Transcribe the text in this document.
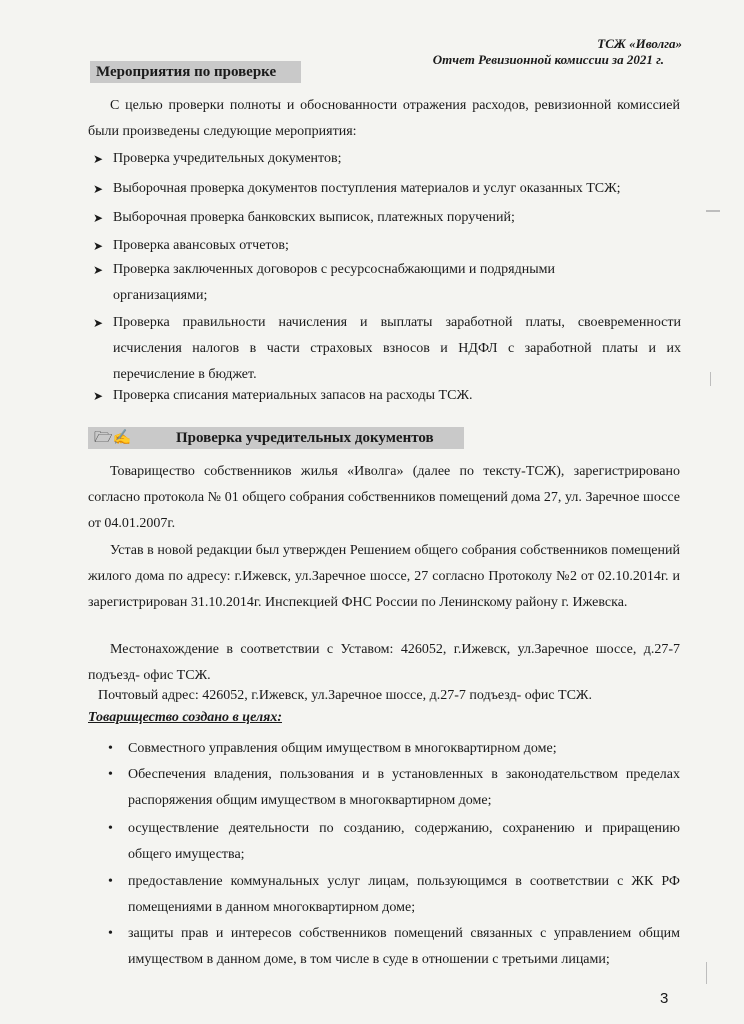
ТСЖ «Иволга»
Отчет Ревизионной комиссии за 2021 г.
Мероприятия по проверке
С целью проверки полноты и обоснованности отражения расходов, ревизионной комиссией были произведены следующие мероприятия:
➤ Проверка учредительных документов;
➤ Выборочная проверка документов поступления материалов и услуг оказанных ТСЖ;
➤ Выборочная проверка банковских выписок, платежных поручений;
➤ Проверка авансовых отчетов;
➤ Проверка заключенных договоров с ресурсоснабжающими и подрядными организациями;
➤ Проверка правильности начисления и выплаты заработной платы, своевременности исчисления налогов в части страховых взносов и НДФЛ с заработной платы и их перечисление в бюджет.
➤ Проверка списания материальных запасов на расходы ТСЖ.
🗁✍	Проверка учредительных документов
Товарищество собственников жилья «Иволга» (далее по тексту-ТСЖ), зарегистрировано согласно протокола № 01 общего собрания собственников помещений дома 27, ул. Заречное шоссе от 04.01.2007г.
Устав в новой редакции был утвержден Решением общего собрания собственников помещений жилого дома по адресу: г.Ижевск, ул.Заречное шоссе, 27 согласно Протоколу №2 от 02.10.2014г. и зарегистрирован 31.10.2014г. Инспекцией ФНС России по Ленинскому району г. Ижевска.
Местонахождение в соответствии с Уставом: 426052, г.Ижевск, ул.Заречное шоссе, д.27-7 подъезд- офис ТСЖ.
Почтовый адрес: 426052, г.Ижевск, ул.Заречное шоссе, д.27-7 подъезд- офис ТСЖ.
Товарищество создано в целях:
•	Совместного управления общим имуществом в многоквартирном доме;
•	Обеспечения владения, пользования и в установленных в законодательством пределах распоряжения общим имуществом в многоквартирном доме;
•	осуществление деятельности по созданию, содержанию, сохранению и приращению общего имущества;
•	предоставление коммунальных услуг лицам, пользующимся в соответствии с ЖК РФ помещениями в данном многоквартирном доме;
•	защиты прав и интересов собственников помещений связанных с управлением общим имуществом в данном доме, в том числе в суде в отношении с третьими лицами;
3
